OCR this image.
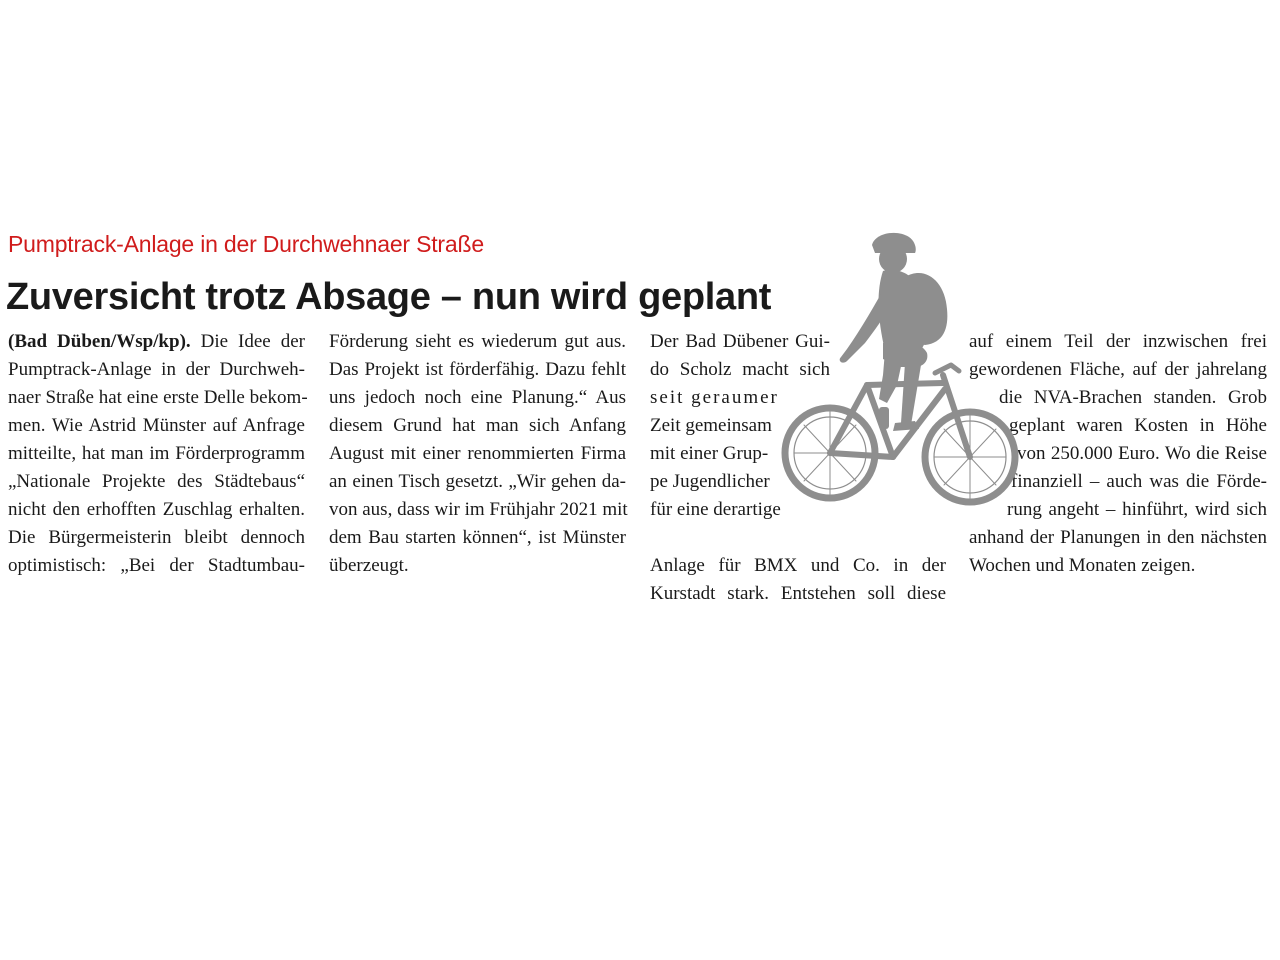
Pumptrack-Anlage in der Durchwehnaer Straße
Zuversicht trotz Absage – nun wird geplant
(Bad Düben/Wsp/kp). Die Idee der
Pumptrack-Anlage in der Durchweh-
naer Straße hat eine erste Delle bekom-
men. Wie Astrid Münster auf Anfrage
mitteilte, hat man im Förderprogramm
„Nationale Projekte des Städtebaus“
nicht den erhofften Zuschlag erhalten.
Die Bürgermeisterin bleibt dennoch
optimistisch: „Bei der Stadtumbau-
Förderung sieht es wiederum gut aus.
Das Projekt ist förderfähig. Dazu fehlt
uns jedoch noch eine Planung.“ Aus
diesem Grund hat man sich Anfang
August mit einer renommierten Firma
an einen Tisch gesetzt. „Wir gehen da-
von aus, dass wir im Frühjahr 2021 mit
dem Bau starten können“, ist Münster
überzeugt.
Der Bad Dübener Gui-
do Scholz macht sich
seit geraumer
Zeit gemeinsam
mit einer Grup-
pe Jugendlicher
für eine derartige
Anlage für BMX und Co. in der
Kurstadt stark. Entstehen soll diese
auf einem Teil der inzwischen frei
gewordenen Fläche, auf der jahrelang
die NVA-Brachen standen. Grob
geplant waren Kosten in Höhe
von 250.000 Euro. Wo die Reise
finanziell – auch was die Förde-
rung angeht – hinführt, wird sich
anhand der Planungen in den nächsten
Wochen und Monaten zeigen.
